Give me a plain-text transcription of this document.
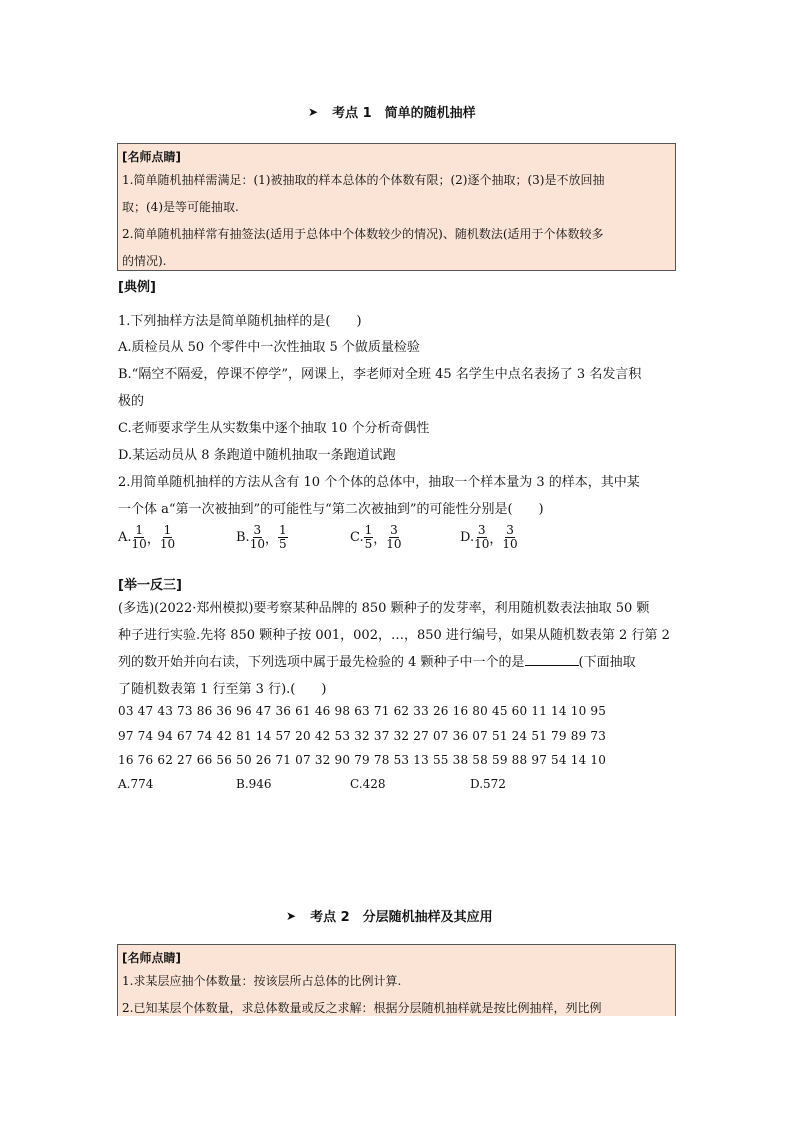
➤ 考点 1　简单的随机抽样
[名师点睛]

1.简单随机抽样需满足：(1)被抽取的样本总体的个体数有限；(2)逐个抽取；(3)是不放回抽

取；(4)是等可能抽取.

2.简单随机抽样常有抽签法(适用于总体中个体数较少的情况)、随机数法(适用于个体数较多

的情况).

[典例]
1.下列抽样方法是简单随机抽样的是(　　)
A.质检员从 50 个零件中一次性抽取 5 个做质量检验
B.“隔空不隔爱，停课不停学”，网课上，李老师对全班 45 名学生中点名表扬了 3 名发言积
极的
C.老师要求学生从实数集中逐个抽取 10 个分析奇偶性
D.某运动员从 8 条跑道中随机抽取一条跑道试跑
2.用简单随机抽样的方法从含有 10 个个体的总体中，抽取一个样本量为 3 的样本，其中某
一个体 a“第一次被抽到”的可能性与“第二次被抽到”的可能性分别是(　　)
A. $\frac{1}{10}$ ， $\frac{1}{10}$	B. $\frac{3}{10}$ ， $\frac{1}{5}$	C. $\frac{1}{5}$ ， $\frac{3}{10}$	D. $\frac{3}{10}$ ， $\frac{3}{10}$
[举一反三]
(多选)(2022·郑州模拟)要考察某种品牌的 850 颗种子的发芽率，利用随机数表法抽取 50 颗
种子进行实验.先将 850 颗种子按 001，002，…，850 进行编号，如果从随机数表第 2 行第 2
列的数开始并向右读，下列选项中属于最先检验的 4 颗种子中一个的是	(下面抽取
了随机数表第 1 行至第 3 行).(　　)
03 47 43 73 86 36 96 47 36 61 46 98 63 71 62 33 26 16 80 45 60 11 14 10 95
97 74 94 67 74 42 81 14 57 20 42 53 32 37 32 27 07 36 07 51 24 51 79 89 73
16 76 62 27 66 56 50 26 71 07 32 90 79 78 53 13 55 38 58 59 88 97 54 14 10
A.774	B.946	C.428	D.572
➤ 考点 2　分层随机抽样及其应用
[名师点睛]

1.求某层应抽个体数量：按该层所占总体的比例计算.

2.已知某层个体数量，求总体数量或反之求解：根据分层随机抽样就是按比例抽样，列比例
